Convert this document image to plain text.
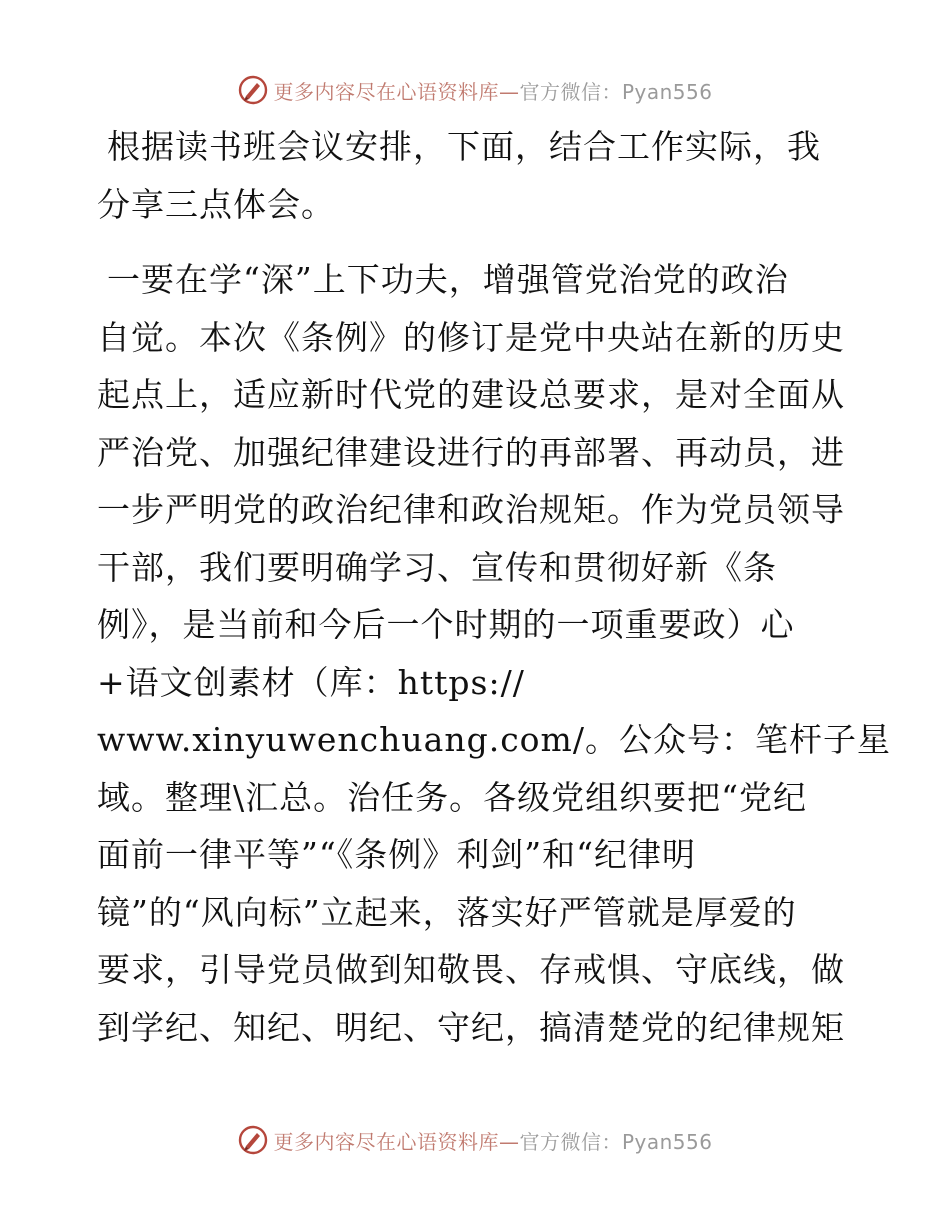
更多内容尽在心语资料库—官方微信：Pyan556

根据读书班会议安排，下面，结合工作实际，我
分享三点体会。

一要在学“深”上下功夫，增强管党治党的政治
自觉。本次《条例》的修订是党中央站在新的历史
起点上，适应新时代党的建设总要求，是对全面从
严治党、加强纪律建设进行的再部署、再动员，进
一步严明党的政治纪律和政治规矩。作为党员领导
干部，我们要明确学习、宣传和贯彻好新《条
例》，是当前和今后一个时期的一项重要政）心
+语文创素材（库：https://
www.xinyuwenchuang.com/。公众号：笔杆子星
域。整理\汇总。治任务。各级党组织要把“党纪
面前一律平等”“《条例》利剑”和“纪律明
镜”的“风向标”立起来，落实好严管就是厚爱的
要求，引导党员做到知敬畏、存戒惧、守底线，做
到学纪、知纪、明纪、守纪，搞清楚党的纪律规矩

更多内容尽在心语资料库—官方微信：Pyan556
